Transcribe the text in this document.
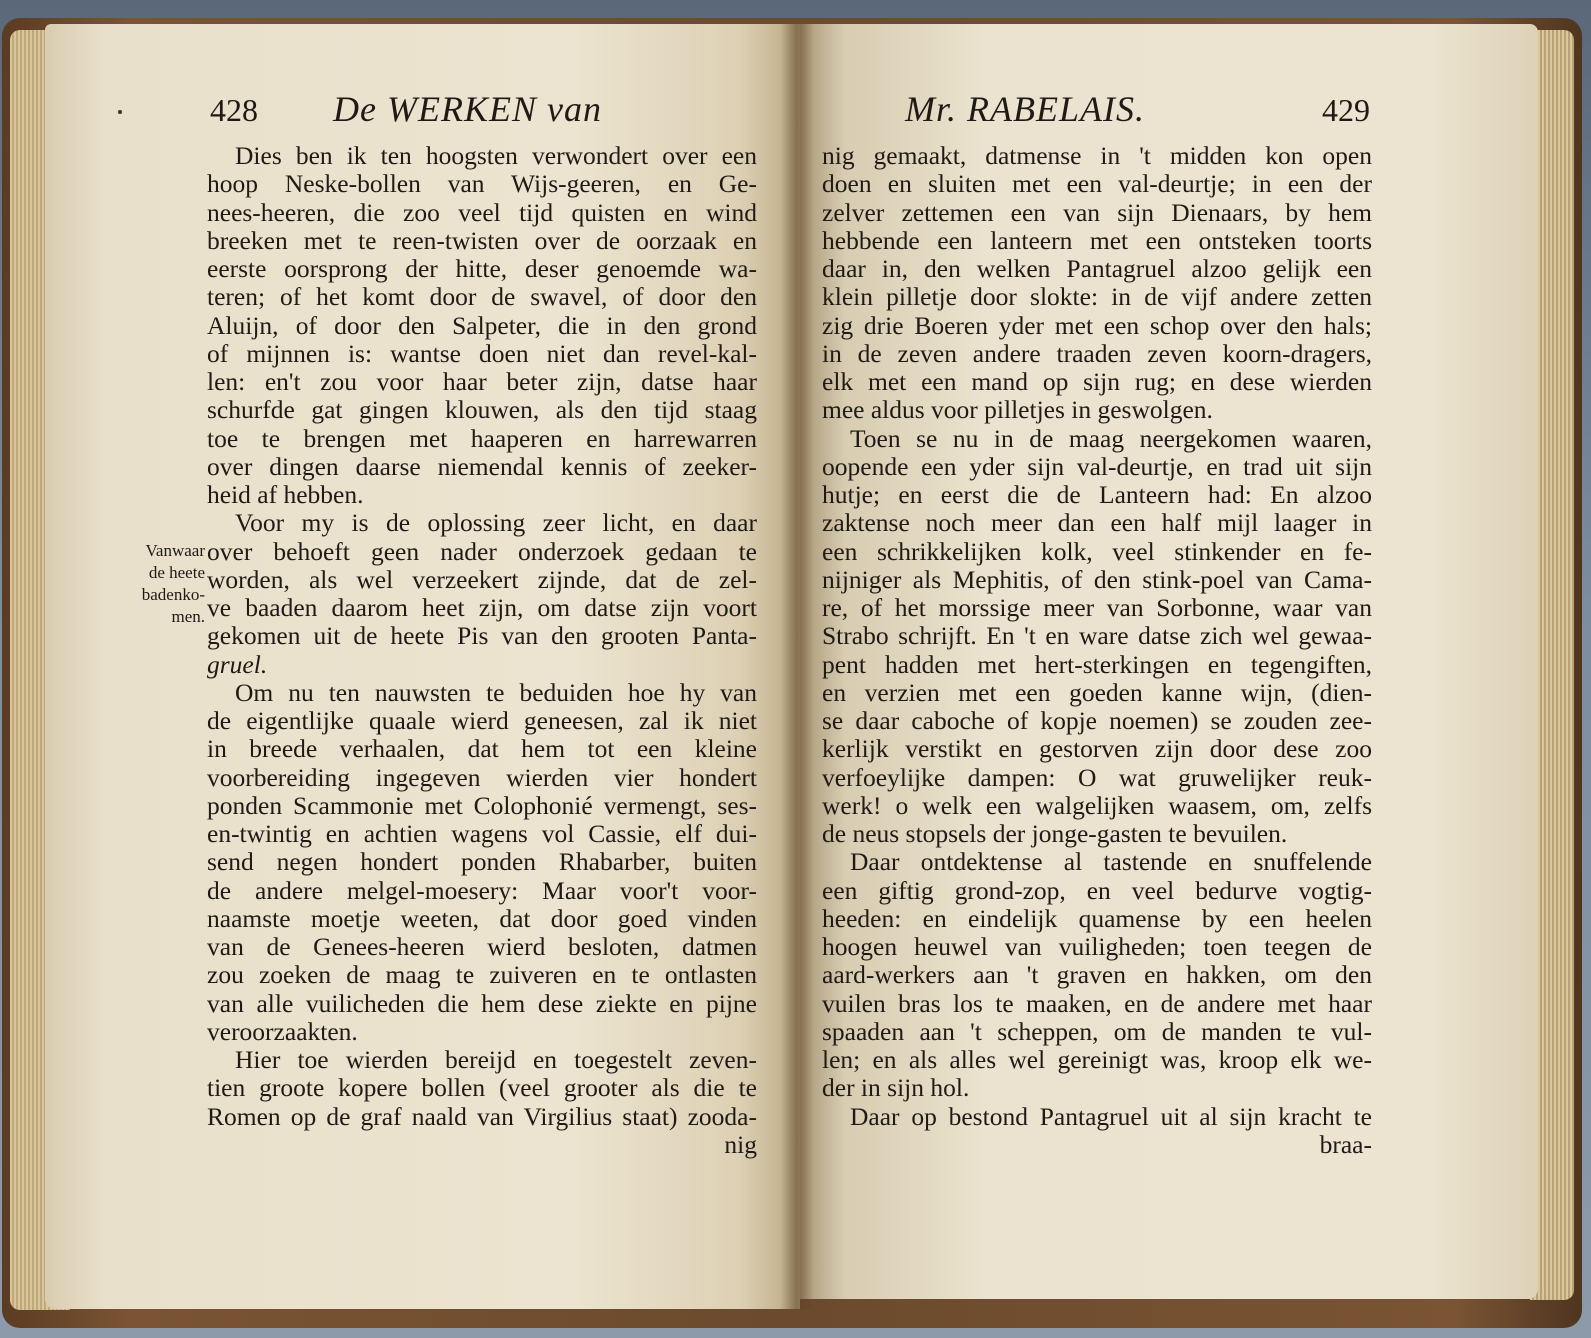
428 De WERKEN van
Vanwaar
de heete
badenko-
men.
Dies ben ik ten hoogsten verwondert over een
hoop Neske-bollen van Wijs-geeren, en Ge-
nees-heeren, die zoo veel tijd quisten en wind
breeken met te reen-twisten over de oorzaak en
eerste oorsprong der hitte, deser genoemde wa-
teren; of het komt door de swavel, of door den
Aluijn, of door den Salpeter, die in den grond
of mijnnen is: wantse doen niet dan revel-kal-
len: en't zou voor haar beter zijn, datse haar
schurfde gat gingen klouwen, als den tijd staag
toe te brengen met haaperen en harrewarren
over dingen daarse niemendal kennis of zeeker-
heid af hebben.
Voor my is de oplossing zeer licht, en daar
over behoeft geen nader onderzoek gedaan te
worden, als wel verzeekert zijnde, dat de zel-
ve baaden daarom heet zijn, om datse zijn voort
gekomen uit de heete Pis van den grooten Panta-
gruel.
Om nu ten nauwsten te beduiden hoe hy van
de eigentlijke quaale wierd geneesen, zal ik niet
in breede verhaalen, dat hem tot een kleine
voorbereiding ingegeven wierden vier hondert
ponden Scammonie met Colophonié vermengt, ses-
en-twintig en achtien wagens vol Cassie, elf dui-
send negen hondert ponden Rhabarber, buiten
de andere melgel-moesery: Maar voor't voor-
naamste moetje weeten, dat door goed vinden
van de Genees-heeren wierd besloten, datmen
zou zoeken de maag te zuiveren en te ontlasten
van alle vuilicheden die hem dese ziekte en pijne
veroorzaakten.
Hier toe wierden bereijd en toegestelt zeven-
tien groote kopere bollen (veel grooter als die te
Romen op de graf naald van Virgilius staat) zooda-
nig
Mr. RABELAIS.	429
nig gemaakt, datmense in 't midden kon open
doen en sluiten met een val-deurtje; in een der
zelver zettemen een van sijn Dienaars, by hem
hebbende een lanteern met een ontsteken toorts
daar in, den welken Pantagruel alzoo gelijk een
klein pilletje door slokte: in de vijf andere zetten
zig drie Boeren yder met een schop over den hals;
in de zeven andere traaden zeven koorn-dragers,
elk met een mand op sijn rug; en dese wierden
mee aldus voor pilletjes in geswolgen.
Toen se nu in de maag neergekomen waaren,
oopende een yder sijn val-deurtje, en trad uit sijn
hutje; en eerst die de Lanteern had: En alzoo
zaktense noch meer dan een half mijl laager in
een schrikkelijken kolk, veel stinkender en fe-
nijniger als Mephitis, of den stink-poel van Cama-
re, of het morssige meer van Sorbonne, waar van
Strabo schrijft. En 't en ware datse zich wel gewaa-
pent hadden met hert-sterkingen en tegengiften,
en verzien met een goeden kanne wijn, (dien-
se daar caboche of kopje noemen) se zouden zee-
kerlijk verstikt en gestorven zijn door dese zoo
verfoeylijke dampen: O wat gruwelijker reuk-
werk! o welk een walgelijken waasem, om, zelfs
de neus stopsels der jonge-gasten te bevuilen.
Daar ontdektense al tastende en snuffelende
een giftig grond-zop, en veel bedurve vogtig-
heeden: en eindelijk quamense by een heelen
hoogen heuwel van vuiligheden; toen teegen de
aard-werkers aan 't graven en hakken, om den
vuilen bras los te maaken, en de andere met haar
spaaden aan 't scheppen, om de manden te vul-
len; en als alles wel gereinigt was, kroop elk we-
der in sijn hol.
Daar op bestond Pantagruel uit al sijn kracht te
braa-
